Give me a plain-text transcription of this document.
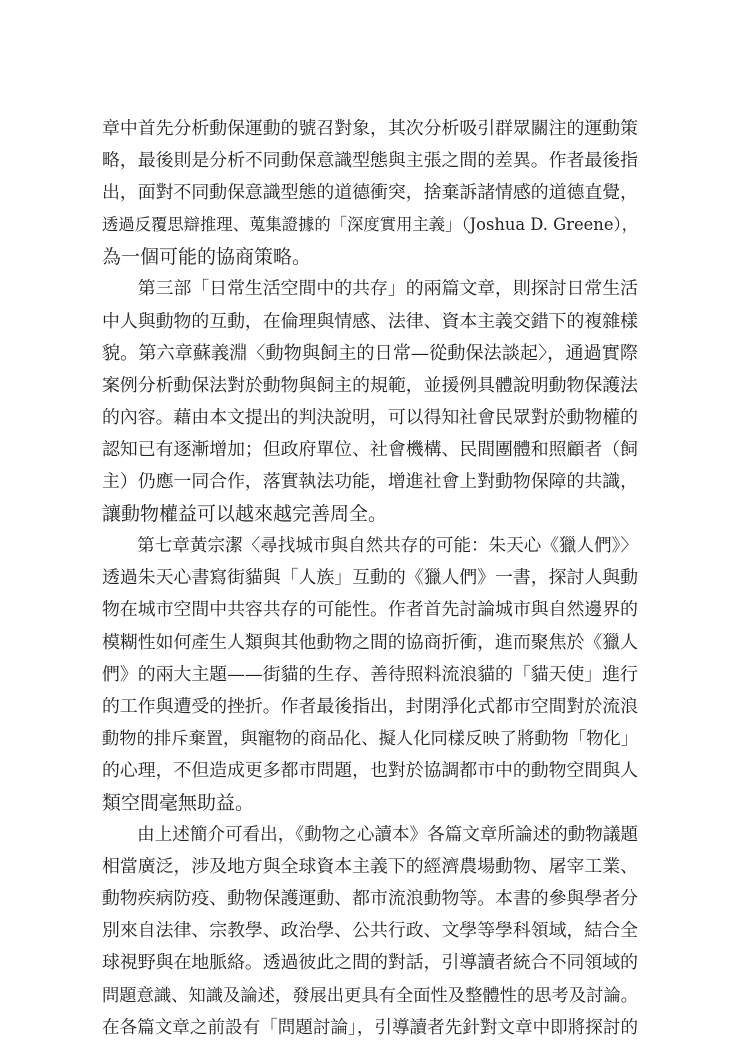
章中首先分析動保運動的號召對象，其次分析吸引群眾關注的運動策
略，最後則是分析不同動保意識型態與主張之間的差異。作者最後指
出，面對不同動保意識型態的道德衝突，捨棄訴諸情感的道德直覺，
透過反覆思辯推理、蒐集證據的「深度實用主義」（Joshua D. Greene），
為一個可能的協商策略。
　　第三部「日常生活空間中的共存」的兩篇文章，則探討日常生活
中人與動物的互動，在倫理與情感、法律、資本主義交錯下的複雜樣
貌。第六章蘇義淵〈動物與飼主的日常—從動保法談起〉，通過實際
案例分析動保法對於動物與飼主的規範，並援例具體說明動物保護法
的內容。藉由本文提出的判決說明，可以得知社會民眾對於動物權的
認知已有逐漸增加；但政府單位、社會機構、民間團體和照顧者（飼
主）仍應一同合作，落實執法功能，增進社會上對動物保障的共識，
讓動物權益可以越來越完善周全。
　　第七章黃宗潔〈尋找城市與自然共存的可能：朱天心《獵人們》〉
透過朱天心書寫街貓與「人族」互動的《獵人們》一書，探討人與動
物在城市空間中共容共存的可能性。作者首先討論城市與自然邊界的
模糊性如何產生人類與其他動物之間的協商折衝，進而聚焦於《獵人
們》的兩大主題——街貓的生存、善待照料流浪貓的「貓天使」進行
的工作與遭受的挫折。作者最後指出，封閉淨化式都市空間對於流浪
動物的排斥棄置，與寵物的商品化、擬人化同樣反映了將動物「物化」
的心理，不但造成更多都市問題，也對於協調都市中的動物空間與人
類空間毫無助益。
　　由上述簡介可看出，《動物之心讀本》各篇文章所論述的動物議題
相當廣泛，涉及地方與全球資本主義下的經濟農場動物、屠宰工業、
動物疾病防疫、動物保護運動、都市流浪動物等。本書的參與學者分
別來自法律、宗教學、政治學、公共行政、文學等學科領域，結合全
球視野與在地脈絡。透過彼此之間的對話，引導讀者統合不同領域的
問題意識、知識及論述，發展出更具有全面性及整體性的思考及討論。
在各篇文章之前設有「問題討論」，引導讀者先針對文章中即將探討的
